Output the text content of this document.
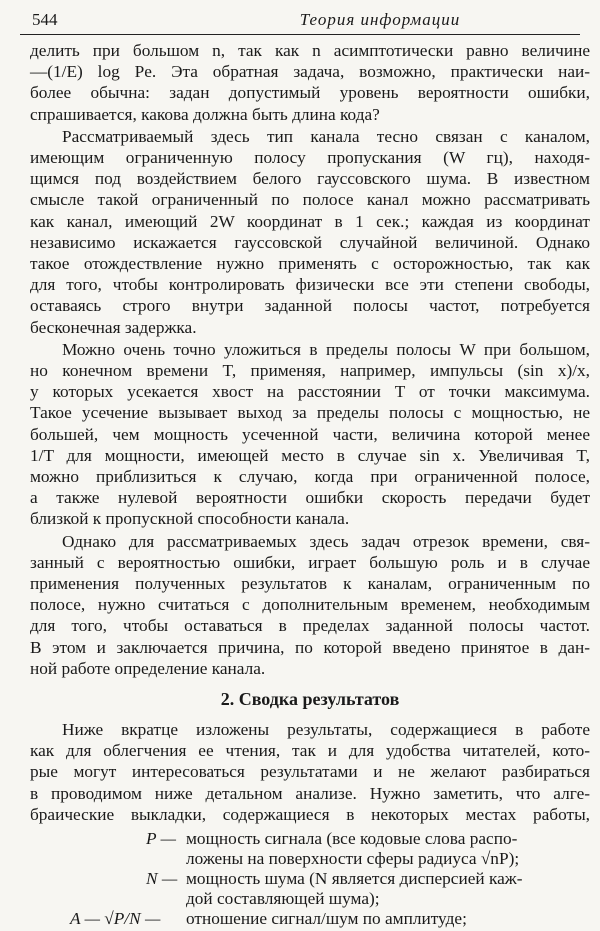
544	Теория информации
делить при большом n, так как n асимптотически равно величине
—(1/E) log Pe. Эта обратная задача, возможно, практически наи-
более обычна: задан допустимый уровень вероятности ошибки,
спрашивается, какова должна быть длина кода?
Рассматриваемый здесь тип канала тесно связан с каналом,
имеющим ограниченную полосу пропускания (W гц), находя-
щимся под воздействием белого гауссовского шума. В известном
смысле такой ограниченный по полосе канал можно рассматривать
как канал, имеющий 2W координат в 1 сек.; каждая из координат
независимо искажается гауссовской случайной величиной. Однако
такое отождествление нужно применять с осторожностью, так как
для того, чтобы контролировать физически все эти степени свободы,
оставаясь строго внутри заданной полосы частот, потребуется
бесконечная задержка.
Можно очень точно уложиться в пределы полосы W при большом,
но конечном времени T, применяя, например, импульсы (sin x)/x,
у которых усекается хвост на расстоянии T от точки максимума.
Такое усечение вызывает выход за пределы полосы с мощностью, не
большей, чем мощность усеченной части, величина которой менее
1/T для мощности, имеющей место в случае sin x. Увеличивая T,
можно приблизиться к случаю, когда при ограниченной полосе,
а также нулевой вероятности ошибки скорость передачи будет
близкой к пропускной способности канала.
Однако для рассматриваемых здесь задач отрезок времени, свя-
занный с вероятностью ошибки, играет большую роль и в случае
применения полученных результатов к каналам, ограниченным по
полосе, нужно считаться с дополнительным временем, необходимым
для того, чтобы оставаться в пределах заданной полосы частот.
В этом и заключается причина, по которой введено принятое в дан-
ной работе определение канала.
2. Сводка результатов
Ниже вкратце изложены результаты, содержащиеся в работе
как для облегчения ее чтения, так и для удобства читателей, кото-
рые могут интересоваться результатами и не желают разбираться
в проводимом ниже детальном анализе. Нужно заметить, что алге-
браические выкладки, содержащиеся в некоторых местах работы,
P — мощность сигнала (все кодовые слова распо-
ложены на поверхности сферы радиуса √nP);
N — мощность шума (N является дисперсией каж-
дой составляющей шума);
A — √P/N — отношение сигнал/шум по амплитуде;
